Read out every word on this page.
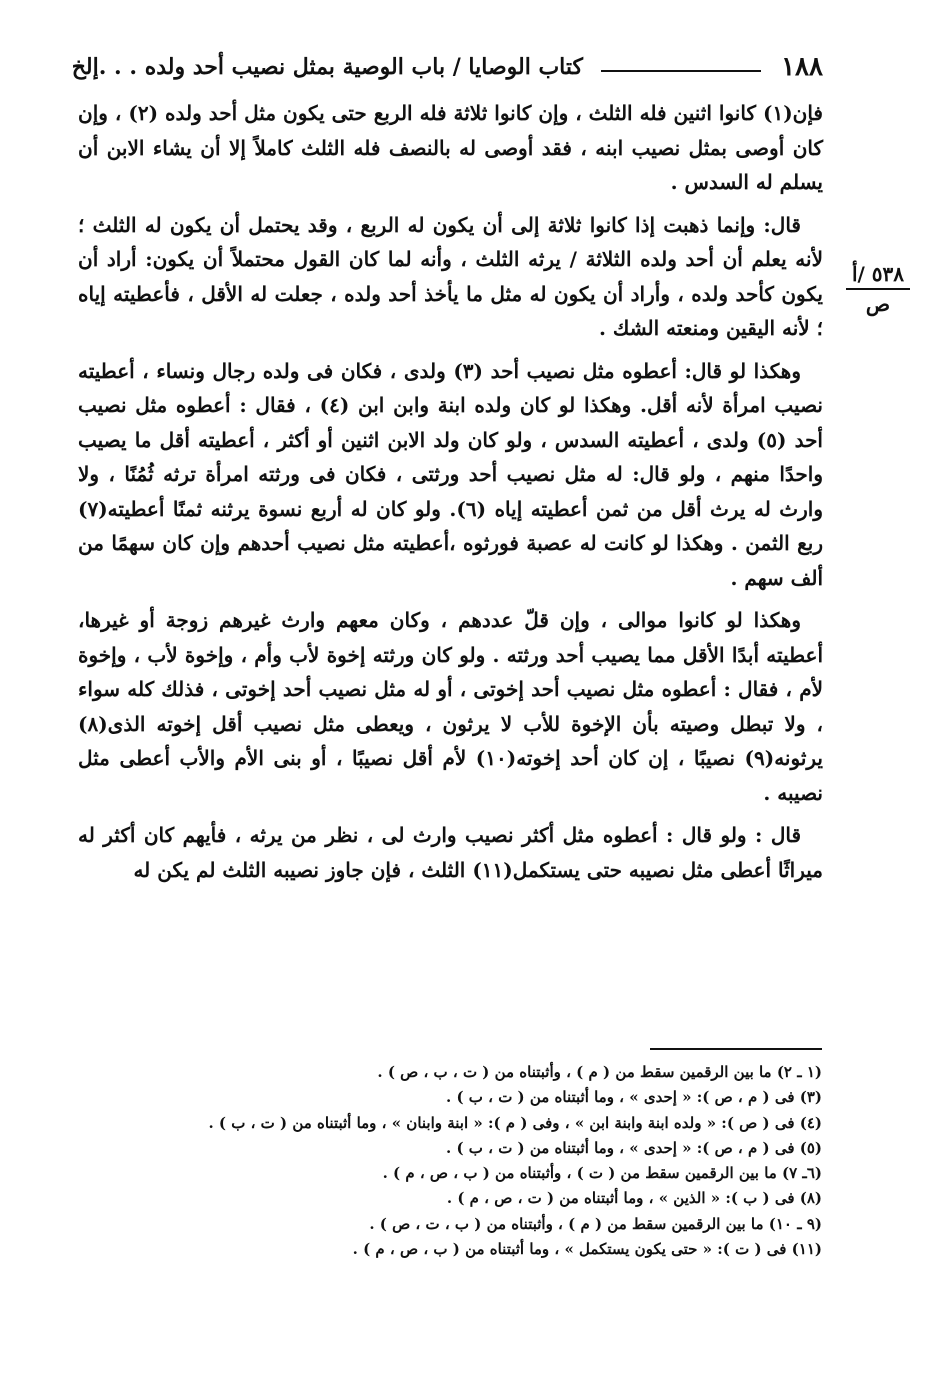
١٨٨
كتاب الوصايا / باب الوصية بمثل نصيب أحد ولده . . .إلخ
٥٣٨ /أ
ص

فإن(١) كانوا اثنين فله الثلث ، وإن كانوا ثلاثة فله الربع حتى يكون مثل أحد ولده (٢) ، وإن كان أوصى بمثل نصيب ابنه ، فقد أوصى له بالنصف فله الثلث كاملاً إلا أن يشاء الابن أن يسلم له السدس .

قال: وإنما ذهبت إذا كانوا ثلاثة إلى أن يكون له الربع ، وقد يحتمل أن يكون له الثلث ؛ لأنه يعلم أن أحد ولده الثلاثة / يرثه الثلث ، وأنه لما كان القول محتملاً أن يكون: أراد أن يكون كأحد ولده ، وأراد أن يكون له مثل ما يأخذ أحد ولده ، جعلت له الأقل ، فأعطيته إياه ؛ لأنه اليقين ومنعته الشك .

وهكذا لو قال: أعطوه مثل نصيب أحد (٣) ولدى ، فكان فى ولده رجال ونساء ، أعطيته نصيب امرأة لأنه أقل. وهكذا لو كان ولده ابنة وابن ابن (٤) ، فقال : أعطوه مثل نصيب أحد (٥) ولدى ، أعطيته السدس ، ولو كان ولد الابن اثنين أو أكثر ، أعطيته أقل ما يصيب واحدًا منهم ، ولو قال: له مثل نصيب أحد ورثتى ، فكان فى ورثته امرأة ترثه ثُمُنًا ، ولا وارث له يرث أقل من ثمن أعطيته إياه (٦). ولو كان له أربع نسوة يرثنه ثمنًا أعطيته(٧) ربع الثمن . وهكذا لو كانت له عصبة فورثوه ،أعطيته مثل نصيب أحدهم وإن كان سهمًا من ألف سهم .

وهكذا لو كانوا موالى ، وإن قلّ عددهم ، وكان معهم وارث غيرهم زوجة أو غيرها، أعطيته أبدًا الأقل مما يصيب أحد ورثته . ولو كان ورثته إخوة لأب وأم ، وإخوة لأب ، وإخوة لأم ، فقال : أعطوه مثل نصيب أحد إخوتى ، أو له مثل نصيب أحد إخوتى ، فذلك كله سواء ، ولا تبطل وصيته بأن الإخوة للأب لا يرثون ، ويعطى مثل نصيب أقل إخوته الذى(٨) يرثونه(٩) نصيبًا ، إن كان أحد إخوته(١٠) لأم أقل نصيبًا ، أو بنى الأم والأب أعطى مثل نصيبه .

قال : ولو قال : أعطوه مثل أكثر نصيب وارث لى ، نظر من يرثه ، فأيهم كان أكثر له ميراثًا أعطى مثل نصيبه حتى يستكمل(١١) الثلث ، فإن جاوز نصيبه الثلث لم يكن له

(١ ـ ٢) ما بين الرقمين سقط من ( م ) ، وأثبتناه من ( ت ، ب ، ص ) .
(٣) فى ( م ، ص ): « إحدى » ، وما أثبتناه من ( ت ، ب ) .
(٤) فى ( ص ): « ولده ابنة وابنة ابن » ، وفى ( م ): « ابنة وابنان » ، وما أثبتناه من ( ت ، ب ) .
(٥) فى ( م ، ص ): « إحدى » ، وما أثبتناه من ( ت ، ب ) .
(٦ـ ٧) ما بين الرقمين سقط من ( ت ) ، وأثبتناه من ( ب ، ص ، م ) .
(٨) فى ( ب ): « الذين » ، وما أثبتناه من ( ت ، ص ، م ) .
(٩ ـ ١٠) ما بين الرقمين سقط من ( م ) ، وأثبتناه من ( ب ، ت ، ص ) .
(١١) فى ( ت ): « حتى يكون يستكمل » ، وما أثبتناه من ( ب ، ص ، م ) .
